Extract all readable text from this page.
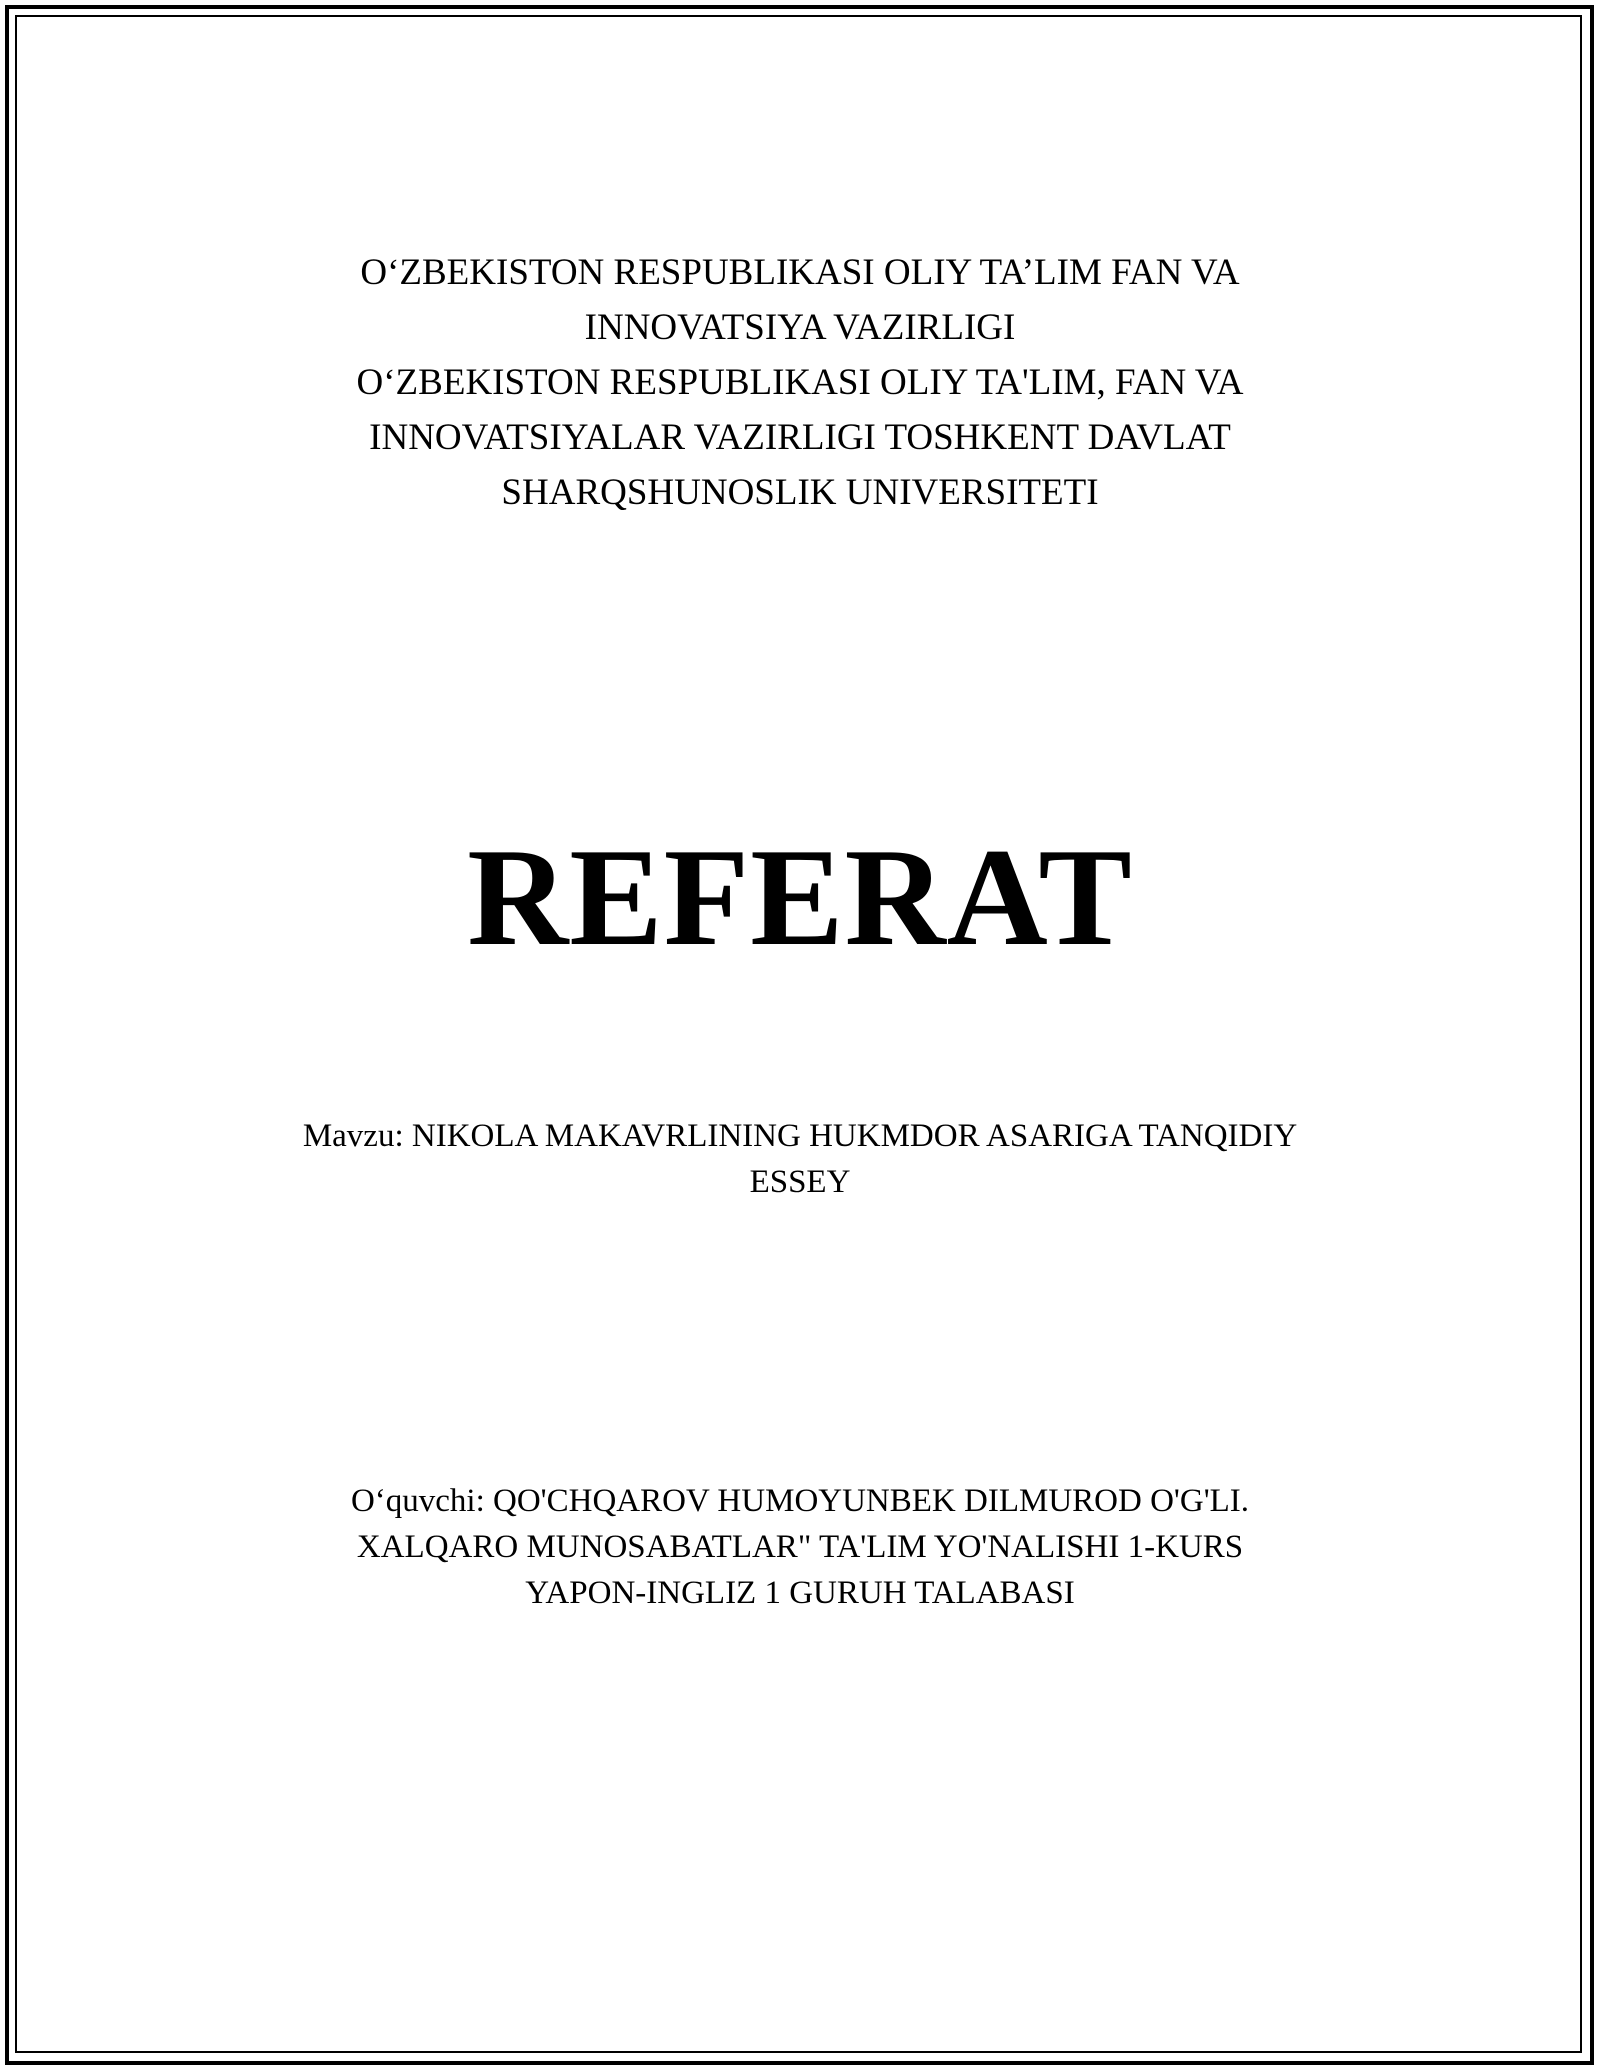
O‘ZBEKISTON RESPUBLIKASI OLIY TA’LIM FAN VA
INNOVATSIYA VAZIRLIGI
O‘ZBEKISTON RESPUBLIKASI OLIY TA'LIM, FAN VA
INNOVATSIYALAR VAZIRLIGI TOSHKENT DAVLAT
SHARQSHUNOSLIK UNIVERSITETI
REFERAT
Mavzu: NIKOLA MAKAVRLINING HUKMDOR ASARIGA TANQIDIY
ESSEY
O‘quvchi: QO'CHQAROV HUMOYUNBEK DILMUROD O'G'LI.
XALQARO MUNOSABATLAR" TA'LIM YO'NALISHI 1-KURS
YAPON-INGLIZ 1 GURUH TALABASI
